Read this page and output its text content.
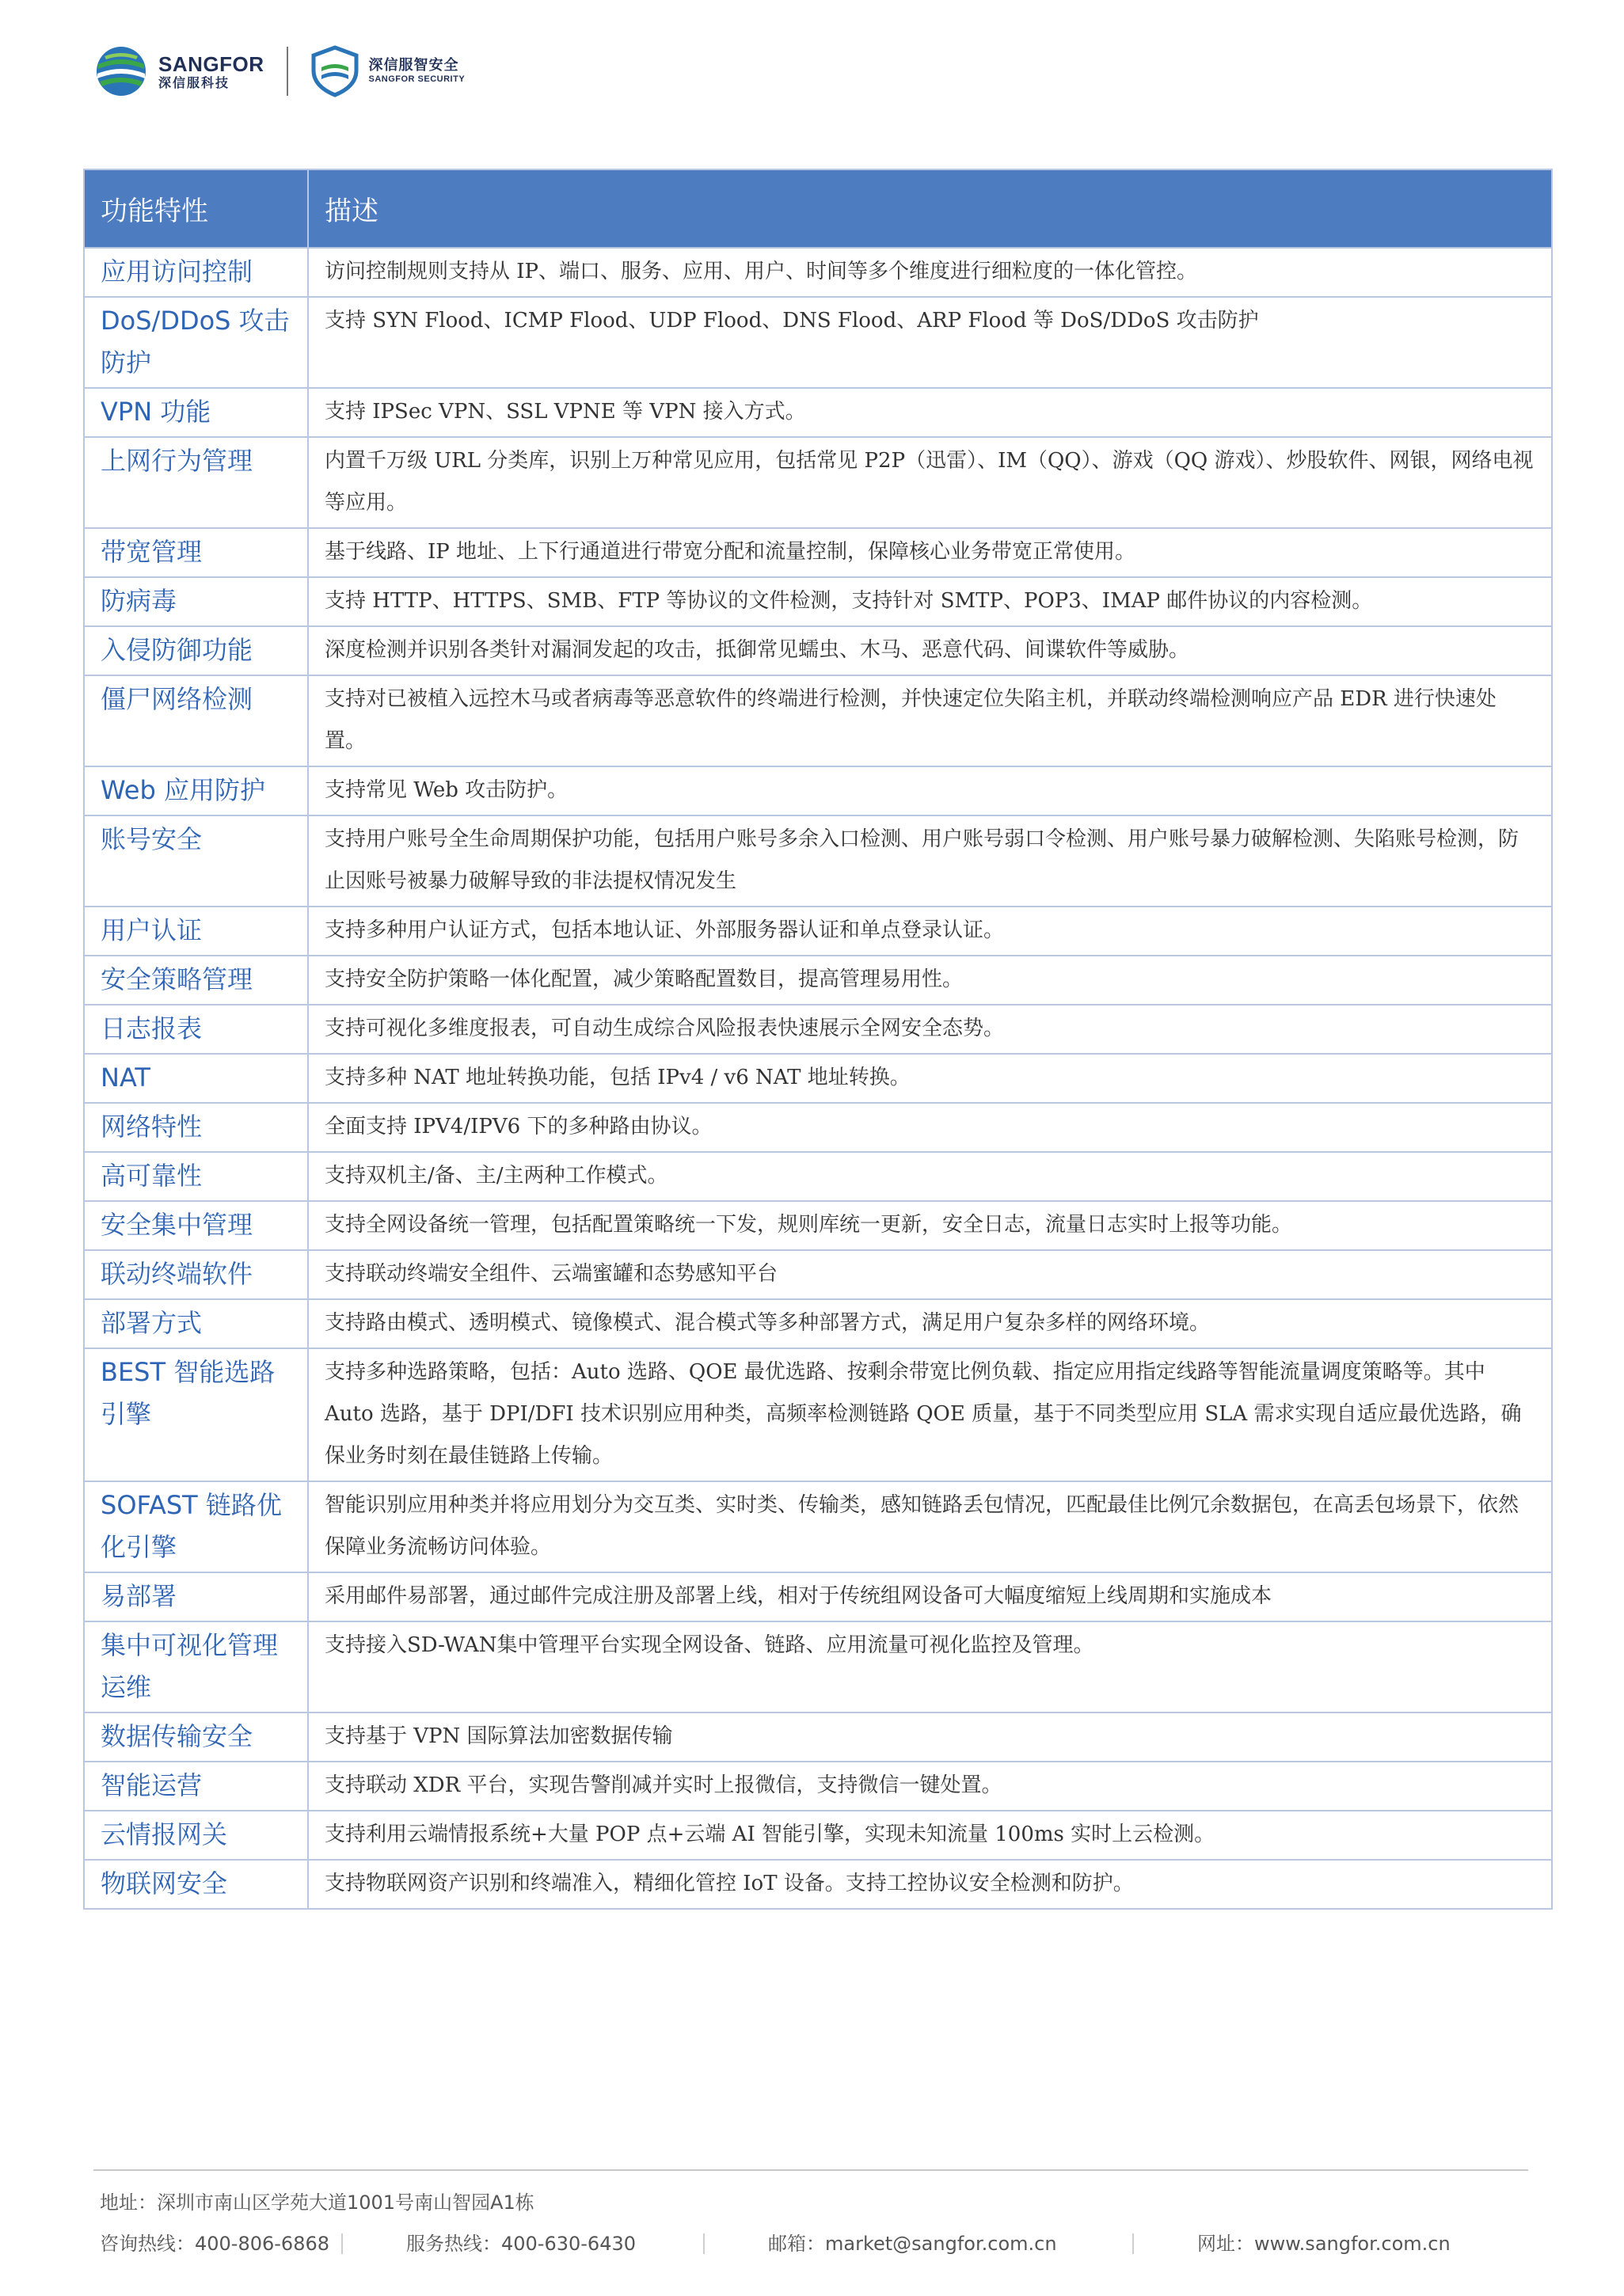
SANGFOR
深信服科技
深信服智安全
SANGFOR SECURITY
功能特性	描述
应用访问控制	访问控制规则支持从 IP、端口、服务、应用、用户、时间等多个维度进行细粒度的一体化管控。
DoS/DDoS 攻击防护	支持 SYN Flood、ICMP Flood、UDP Flood、DNS Flood、ARP Flood 等 DoS/DDoS 攻击防护
VPN 功能	支持 IPSec VPN、SSL VPNE 等 VPN 接入方式。
上网行为管理	内置千万级 URL 分类库，识别上万种常见应用，包括常见 P2P（迅雷）、IM（QQ）、游戏（QQ 游戏）、炒股软件、网银，网络电视等应用。
带宽管理	基于线路、IP 地址、上下行通道进行带宽分配和流量控制，保障核心业务带宽正常使用。
防病毒	支持 HTTP、HTTPS、SMB、FTP 等协议的文件检测，支持针对 SMTP、POP3、IMAP 邮件协议的内容检测。
入侵防御功能	深度检测并识别各类针对漏洞发起的攻击，抵御常见蠕虫、木马、恶意代码、间谍软件等威胁。
僵尸网络检测	支持对已被植入远控木马或者病毒等恶意软件的终端进行检测，并快速定位失陷主机，并联动终端检测响应产品 EDR 进行快速处置。
Web 应用防护	支持常见 Web 攻击防护。
账号安全	支持用户账号全生命周期保护功能，包括用户账号多余入口检测、用户账号弱口令检测、用户账号暴力破解检测、失陷账号检测，防止因账号被暴力破解导致的非法提权情况发生
用户认证	支持多种用户认证方式，包括本地认证、外部服务器认证和单点登录认证。
安全策略管理	支持安全防护策略一体化配置，减少策略配置数目，提高管理易用性。
日志报表	支持可视化多维度报表，可自动生成综合风险报表快速展示全网安全态势。
NAT	支持多种 NAT 地址转换功能，包括 IPv4 / v6 NAT 地址转换。
网络特性	全面支持 IPV4/IPV6 下的多种路由协议。
高可靠性	支持双机主/备、主/主两种工作模式。
安全集中管理	支持全网设备统一管理，包括配置策略统一下发，规则库统一更新，安全日志，流量日志实时上报等功能。
联动终端软件	支持联动终端安全组件、云端蜜罐和态势感知平台
部署方式	支持路由模式、透明模式、镜像模式、混合模式等多种部署方式，满足用户复杂多样的网络环境。
BEST 智能选路引擎	支持多种选路策略，包括：Auto 选路、QOE 最优选路、按剩余带宽比例负载、指定应用指定线路等智能流量调度策略等。其中 Auto 选路，基于 DPI/DFI 技术识别应用种类，高频率检测链路 QOE 质量，基于不同类型应用 SLA 需求实现自适应最优选路，确保业务时刻在最佳链路上传输。
SOFAST 链路优化引擎	智能识别应用种类并将应用划分为交互类、实时类、传输类，感知链路丢包情况，匹配最佳比例冗余数据包，在高丢包场景下，依然保障业务流畅访问体验。
易部署	采用邮件易部署，通过邮件完成注册及部署上线，相对于传统组网设备可大幅度缩短上线周期和实施成本
集中可视化管理运维	支持接入SD-WAN集中管理平台实现全网设备、链路、应用流量可视化监控及管理。
数据传输安全	支持基于 VPN 国际算法加密数据传输
智能运营	支持联动 XDR 平台，实现告警削减并实时上报微信，支持微信一键处置。
云情报网关	支持利用云端情报系统+大量 POP 点+云端 AI 智能引擎，实现未知流量 100ms 实时上云检测。
物联网安全	支持物联网资产识别和终端准入，精细化管控 IoT 设备。支持工控协议安全检测和防护。
地址：深圳市南山区学苑大道1001号南山智园A1栋
咨询热线：400-806-6868	服务热线：400-630-6430	邮箱：market@sangfor.com.cn	网址：www.sangfor.com.cn
